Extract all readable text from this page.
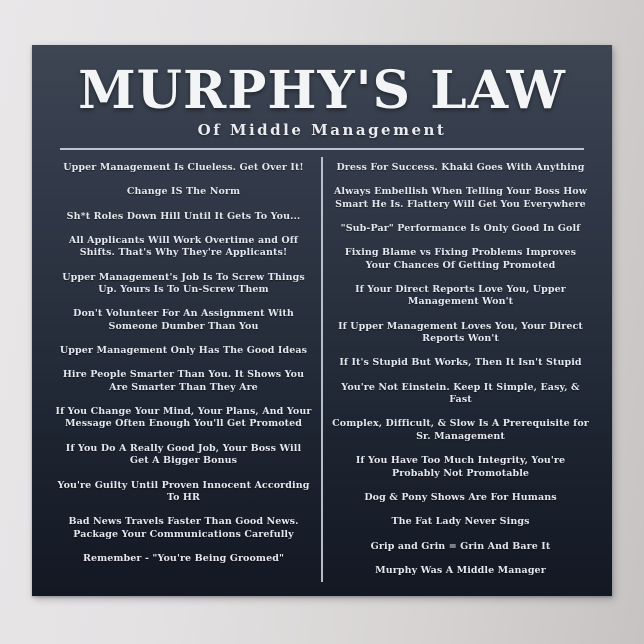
MURPHY'S LAW
Of Middle Management

Upper Management Is Clueless. Get Over It!

Change IS The Norm

Sh*t Roles Down Hill Until It Gets To You...

All Applicants Will Work Overtime and Off Shifts. That's Why They're Applicants!

Upper Management's Job Is To Screw Things Up. Yours Is To Un-Screw Them

Don't Volunteer For An Assignment With Someone Dumber Than You

Upper Management Only Has The Good Ideas

Hire People Smarter Than You. It Shows You Are Smarter Than They Are

If You Change Your Mind, Your Plans, And Your Message Often Enough You'll Get Promoted

If You Do A Really Good Job, Your Boss Will Get A Bigger Bonus

You're Guilty Until Proven Innocent According To HR

Bad News Travels Faster Than Good News. Package Your Communications Carefully

Remember - "You're Being Groomed"

Dress For Success. Khaki Goes With Anything

Always Embellish When Telling Your Boss How Smart He Is. Flattery Will Get You Everywhere

"Sub-Par" Performance Is Only Good In Golf

Fixing Blame vs Fixing Problems Improves Your Chances Of Getting Promoted

If Your Direct Reports Love You, Upper Management Won't

If Upper Management Loves You, Your Direct Reports Won't

If It's Stupid But Works, Then It Isn't Stupid

You're Not Einstein. Keep It Simple, Easy, & Fast

Complex, Difficult, & Slow Is A Prerequisite for Sr. Management

If You Have Too Much Integrity, You're Probably Not Promotable

Dog & Pony Shows Are For Humans

The Fat Lady Never Sings

Grip and Grin = Grin And Bare It

Murphy Was A Middle Manager
